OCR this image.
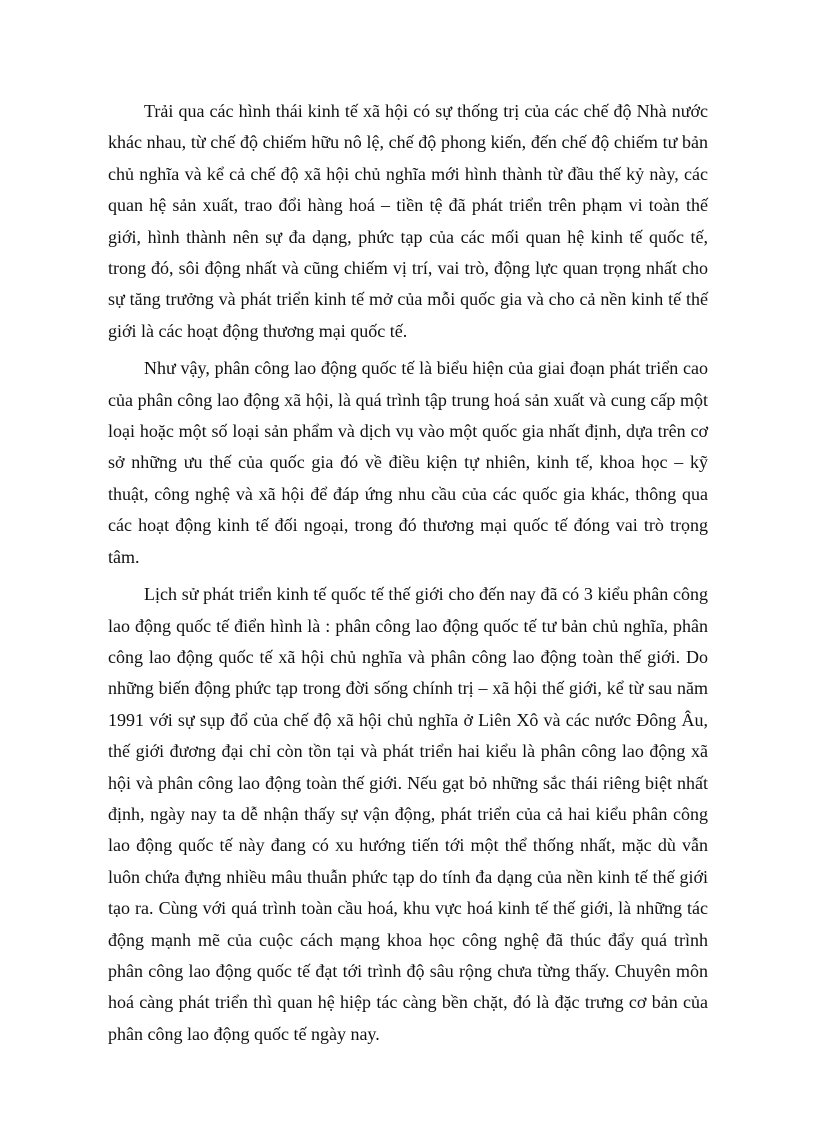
Trải qua các hình thái kinh tế xã hội có sự thống trị của các chế độ Nhà nước khác nhau, từ chế độ chiếm hữu nô lệ, chế độ phong kiến, đến chế độ chiếm tư bản chủ nghĩa và kể cả chế độ xã hội chủ nghĩa mới hình thành từ đầu thế kỷ này, các quan hệ sản xuất, trao đổi hàng hoá – tiền tệ đã phát triển trên phạm vi toàn thế giới, hình thành nên sự đa dạng, phức tạp của các mối quan hệ kinh tế quốc tế, trong đó, sôi động nhất và cũng chiếm vị trí, vai trò, động lực quan trọng nhất cho sự tăng trưởng và phát triển kinh tế mở của mỗi quốc gia và cho cả nền kinh tế thế giới là các hoạt động thương mại quốc tế.

Như vậy, phân công lao động quốc tế là biểu hiện của giai đoạn phát triển cao của phân công lao động xã hội, là quá trình tập trung hoá sản xuất và cung cấp một loại hoặc một số loại sản phẩm và dịch vụ vào một quốc gia nhất định, dựa trên cơ sở những ưu thế của quốc gia đó về điều kiện tự nhiên, kinh tế, khoa học – kỹ thuật, công nghệ và xã hội để đáp ứng nhu cầu của các quốc gia khác, thông qua các hoạt động kinh tế đối ngoại, trong đó thương mại quốc tế đóng vai trò trọng tâm.

Lịch sử phát triển kinh tế quốc tế thế giới cho đến nay đã có 3 kiểu phân công lao động quốc tế điển hình là : phân công lao động quốc tế tư bản chủ nghĩa, phân công lao động quốc tế xã hội chủ nghĩa và phân công lao động toàn thế giới. Do những biến động phức tạp trong đời sống chính trị – xã hội thế giới, kể từ sau năm 1991 với sự sụp đổ của chế độ xã hội chủ nghĩa ở Liên Xô và các nước Đông Âu, thế giới đương đại chỉ còn tồn tại và phát triển hai kiểu là phân công lao động xã hội và phân công lao động toàn thế giới. Nếu gạt bỏ những sắc thái riêng biệt nhất định, ngày nay ta dễ nhận thấy sự vận động, phát triển của cả hai kiểu phân công lao động quốc tế này đang có xu hướng tiến tới một thể thống nhất, mặc dù vẫn luôn chứa đựng nhiều mâu thuẫn phức tạp do tính đa dạng của nền kinh tế thế giới tạo ra. Cùng với quá trình toàn cầu hoá, khu vực hoá kinh tế thế giới, là những tác động mạnh mẽ của cuộc cách mạng khoa học công nghệ đã thúc đẩy quá trình phân công lao động quốc tế đạt tới trình độ sâu rộng chưa từng thấy. Chuyên môn hoá càng phát triển thì quan hệ hiệp tác càng bền chặt, đó là đặc trưng cơ bản của phân công lao động quốc tế ngày nay.
